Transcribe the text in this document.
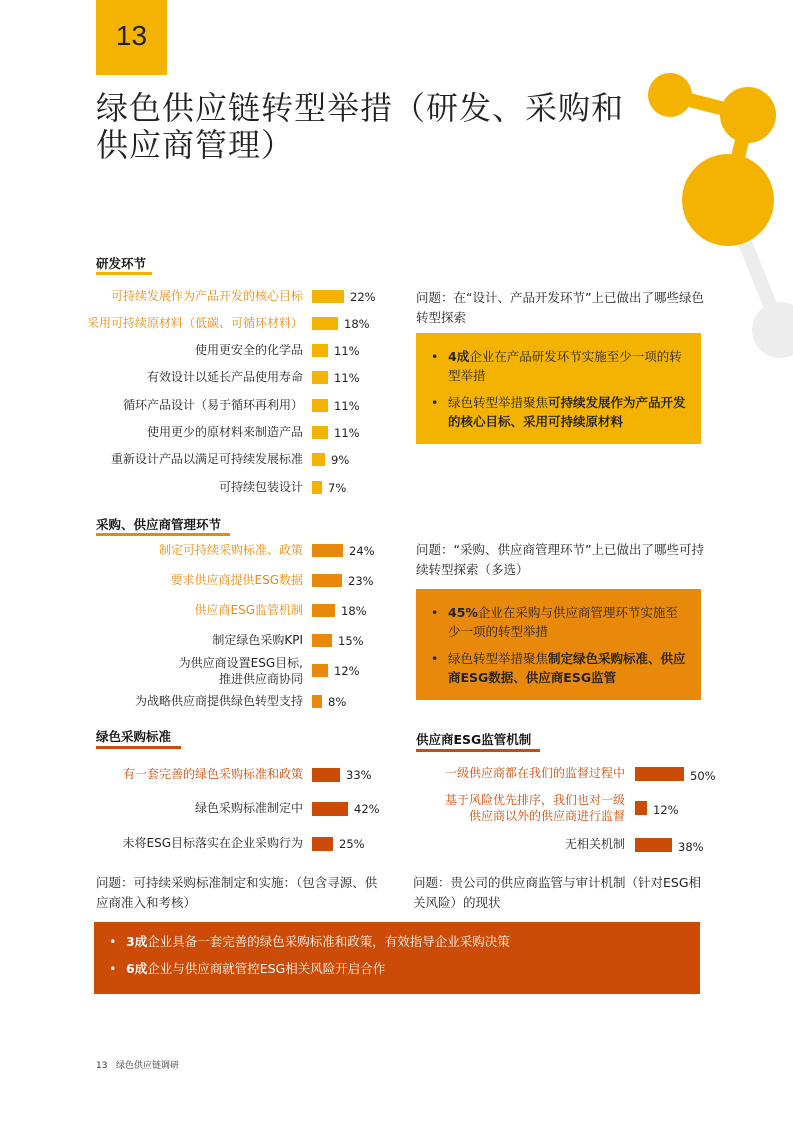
13
绿色供应链转型举措（研发、采购和
供应商管理）
研发环节
可持续发展作为产品开发的核心目标	22%
采用可持续原材料（低碳、可循环材料）	18%
使用更安全的化学品	11%
有效设计以延长产品使用寿命	11%
循环产品设计（易于循环再利用）	11%
使用更少的原材料来制造产品	11%
重新设计产品以满足可持续发展标准 9%
可持续包装设计 7%
问题：在“设计、产品开发环节”上已做出了哪些绿色转型探索
• 4成企业在产品研发环节实施至少一项的转型举措
• 绿色转型举措聚焦可持续发展作为产品开发的核心目标、采用可持续原材料
采购、供应商管理环节
制定可持续采购标准、政策	24%
要求供应商提供ESG数据	23%
供应商ESG监管机制	18%
制定绿色采购KPI	15%
为供应商设置ESG目标,
推进供应商协同
12%
为战略供应商提供绿色转型支持 8%
问题：“采购、供应商管理环节”上已做出了哪些可持续转型探索（多选）
• 45%企业在采购与供应商管理环节实施至少一项的转型举措
• 绿色转型举措聚焦制定绿色采购标准、供应商ESG数据、供应商ESG监管
绿色采购标准
有一套完善的绿色采购标准和政策	33%
绿色采购标准制定中	42%
未将ESG目标落实在企业采购行为	25%
问题：可持续采购标准制定和实施：（包含寻源、供应商准入和考核）
供应商ESG监管机制
一级供应商都在我们的监督过程中	50%
基于风险优先排序，我们也对一级
供应商以外的供应商进行监督 12%
无相关机制	38%
问题：贵公司的供应商监管与审计机制（针对ESG相关风险）的现状
• 3成企业具备一套完善的绿色采购标准和政策，有效指导企业采购决策
• 6成企业与供应商就管控ESG相关风险开启合作
13 绿色供应链调研
